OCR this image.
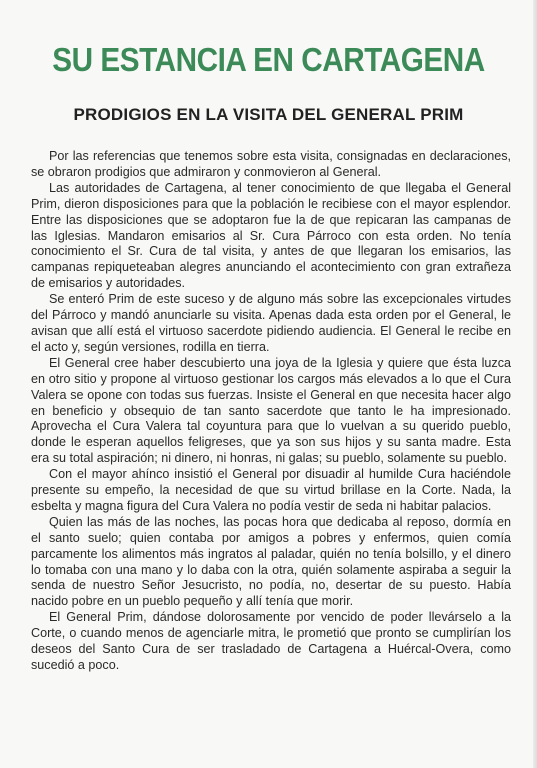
SU ESTANCIA EN CARTAGENA
PRODIGIOS EN LA VISITA DEL GENERAL PRIM

Por las referencias que tenemos sobre esta visita, consignadas en declaraciones, se obraron prodigios que admiraron y conmovieron al General.

Las autoridades de Cartagena, al tener conocimiento de que llegaba el General Prim, dieron disposiciones para que la población le recibiese con el mayor esplendor. Entre las disposiciones que se adoptaron fue la de que repicaran las campanas de las Iglesias. Mandaron emisarios al Sr. Cura Párroco con esta orden. No tenía conocimiento el Sr. Cura de tal visita, y antes de que llegaran los emisarios, las campanas repiqueteaban alegres anunciando el acontecimiento con gran extrañeza de emisarios y autoridades.

Se enteró Prim de este suceso y de alguno más sobre las excepcionales virtudes del Párroco y mandó anunciarle su visita. Apenas dada esta orden por el General, le avisan que allí está el virtuoso sacerdote pidiendo audiencia. El General le recibe en el acto y, según versiones, rodilla en tierra.

El General cree haber descubierto una joya de la Iglesia y quiere que ésta luzca en otro sitio y propone al virtuoso gestionar los cargos más elevados a lo que el Cura Valera se opone con todas sus fuerzas. Insiste el General en que necesita hacer algo en beneficio y obsequio de tan santo sacerdote que tanto le ha impresionado. Aprovecha el Cura Valera tal coyuntura para que lo vuelvan a su querido pueblo, donde le esperan aquellos feligreses, que ya son sus hijos y su santa madre. Esta era su total aspiración; ni dinero, ni honras, ni galas; su pueblo, solamente su pueblo.

Con el mayor ahínco insistió el General por disuadir al humilde Cura haciéndole presente su empeño, la necesidad de que su virtud brillase en la Corte. Nada, la esbelta y magna figura del Cura Valera no podía vestir de seda ni habitar palacios.

Quien las más de las noches, las pocas hora que dedicaba al reposo, dormía en el santo suelo; quien contaba por amigos a pobres y enfermos, quien comía parcamente los alimentos más ingratos al paladar, quién no tenía bolsillo, y el dinero lo tomaba con una mano y lo daba con la otra, quién solamente aspiraba a seguir la senda de nuestro Señor Jesucristo, no podía, no, desertar de su puesto. Había nacido pobre en un pueblo pequeño y allí tenía que morir.

El General Prim, dándose dolorosamente por vencido de poder llevárselo a la Corte, o cuando menos de agenciarle mitra, le prometió que pronto se cumplirían los deseos del Santo Cura de ser trasladado de Cartagena a Huércal-Overa, como sucedió a poco.
